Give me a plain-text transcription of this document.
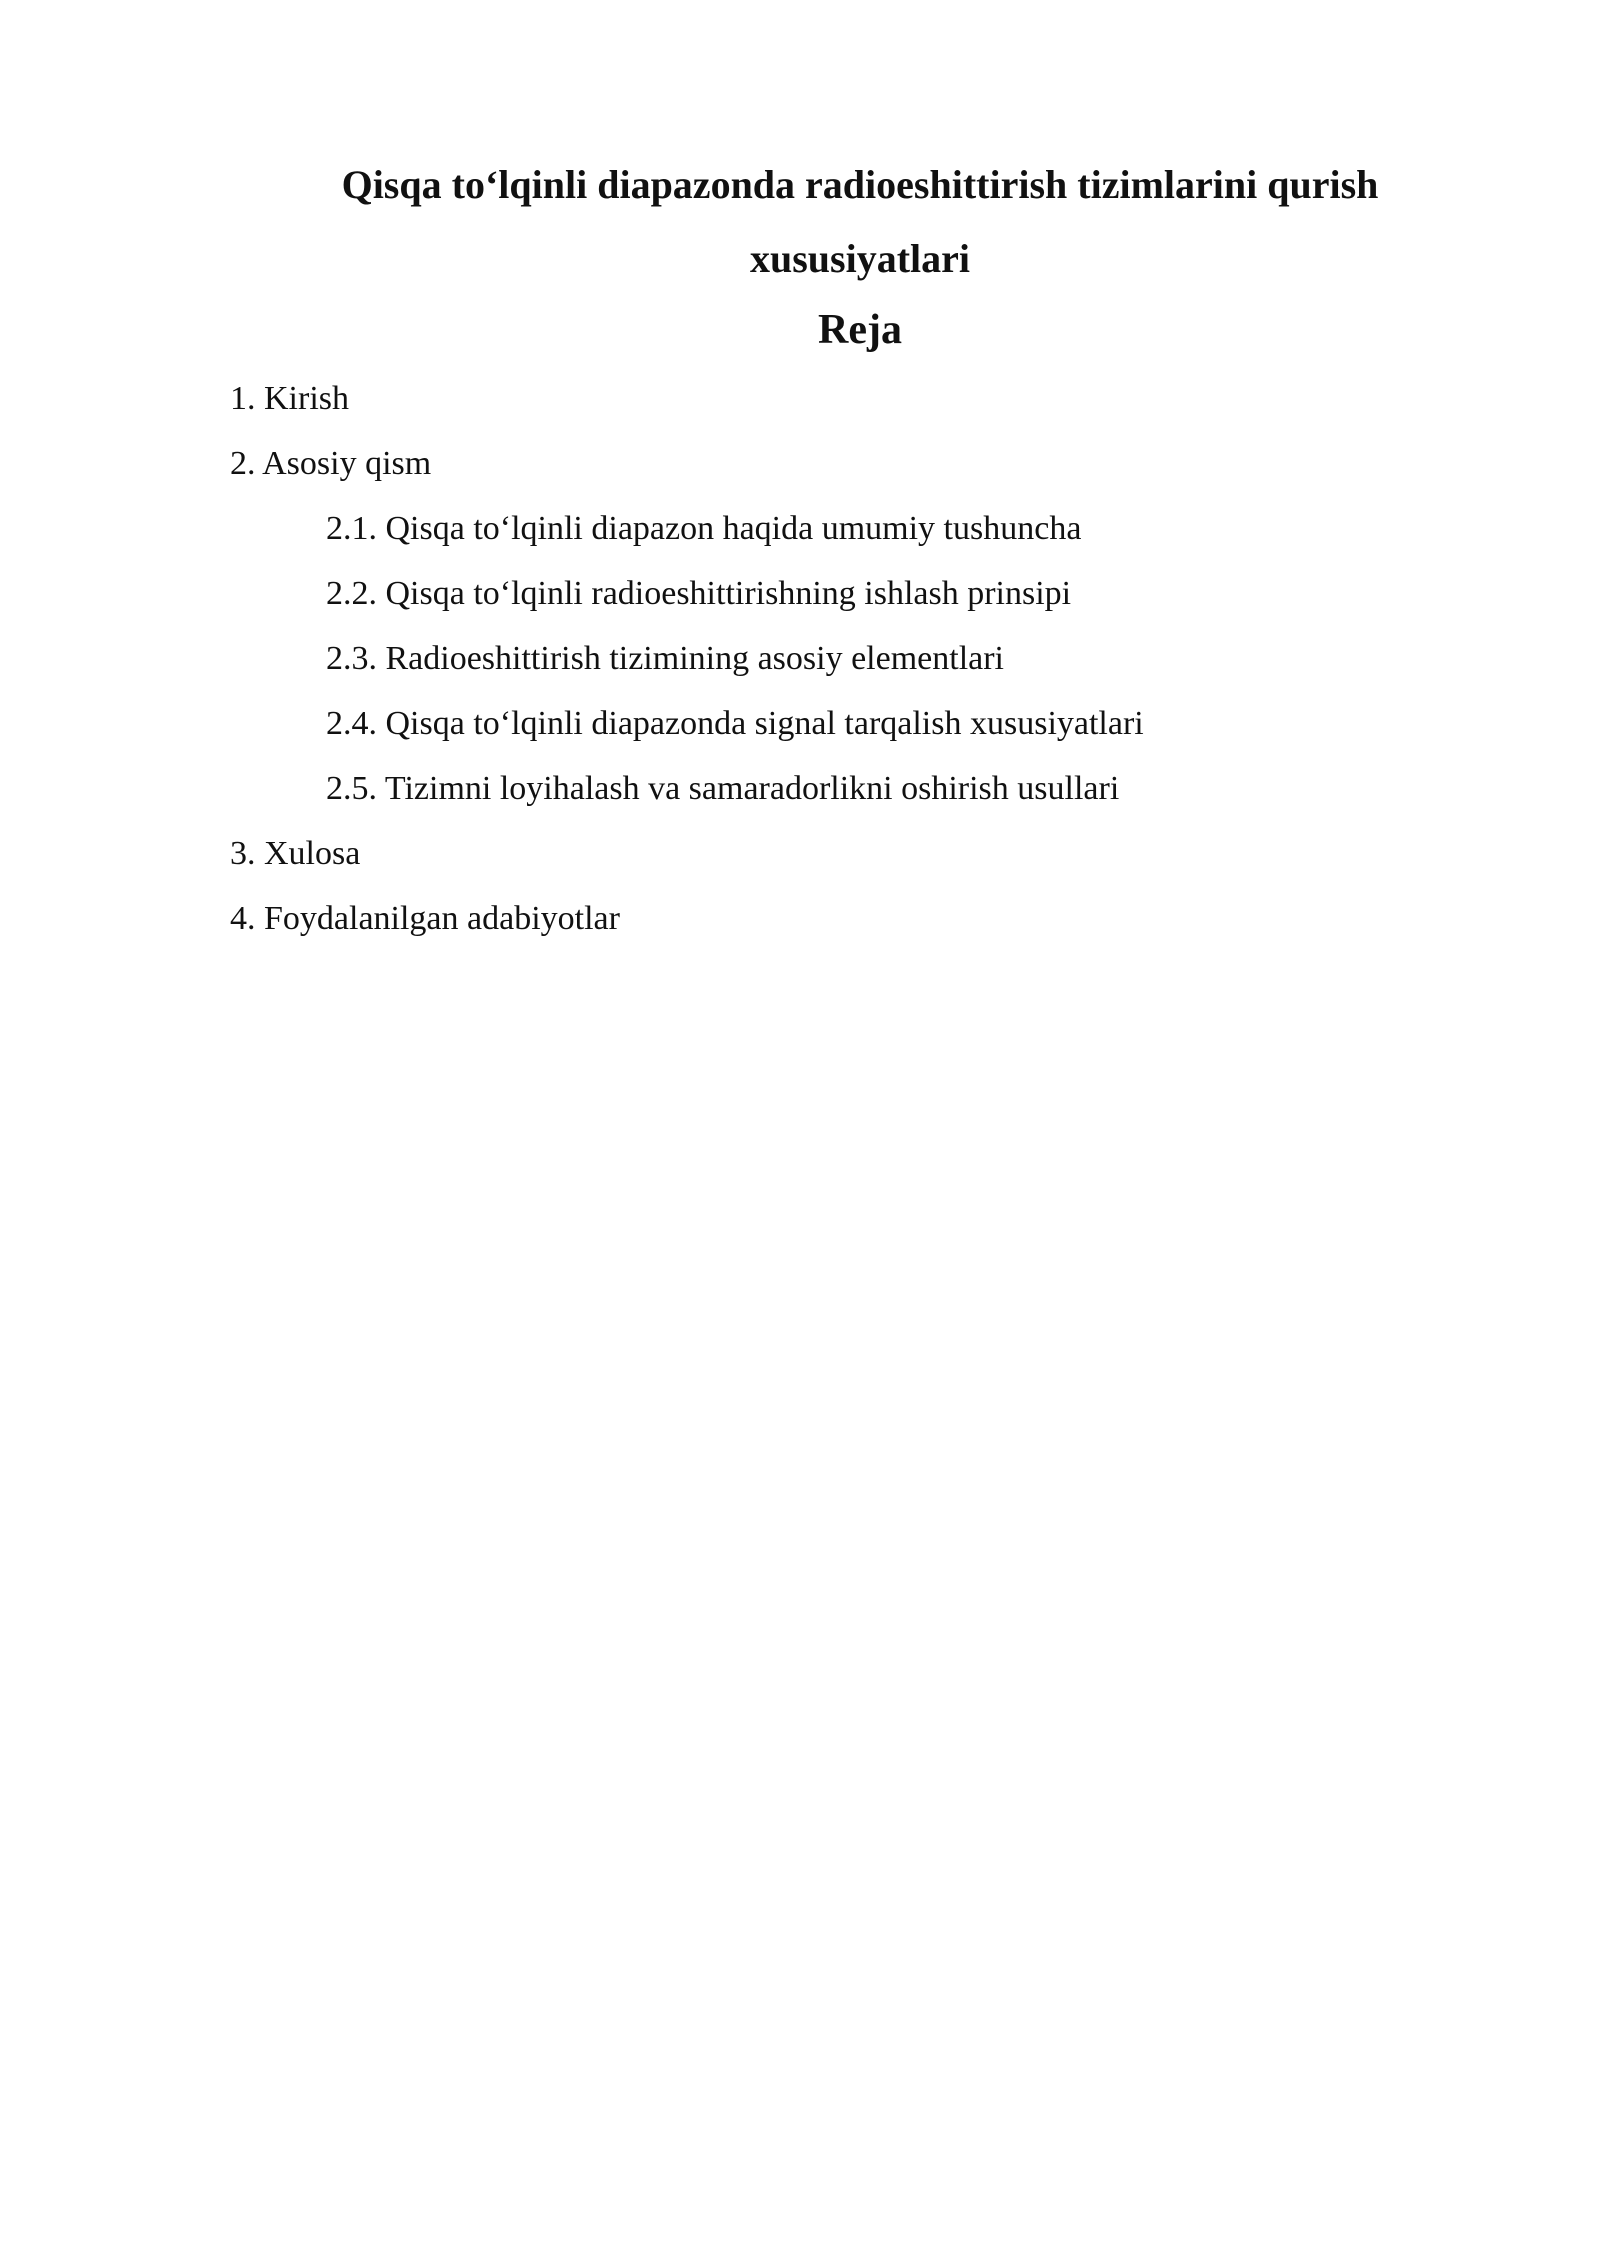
Qisqa to‘lqinli diapazonda radioeshittirish tizimlarini qurish
xususiyatlari
Reja
1. Kirish
2. Asosiy qism
2.1. Qisqa to‘lqinli diapazon haqida umumiy tushuncha
2.2. Qisqa to‘lqinli radioeshittirishning ishlash prinsipi
2.3. Radioeshittirish tizimining asosiy elementlari
2.4. Qisqa to‘lqinli diapazonda signal tarqalish xususiyatlari
2.5. Tizimni loyihalash va samaradorlikni oshirish usullari
3. Xulosa
4. Foydalanilgan adabiyotlar
